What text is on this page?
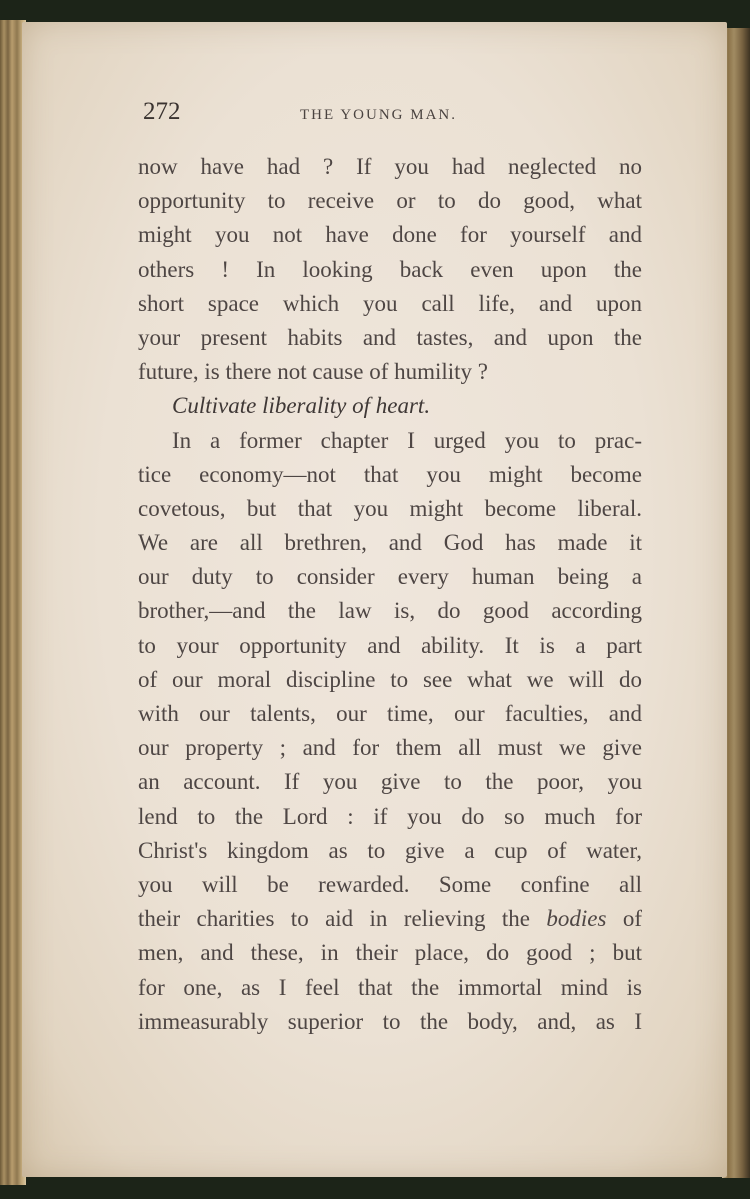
272	THE YOUNG MAN.
now have had ? If you had neglected no
opportunity to receive or to do good, what
might you not have done for yourself and
others ! In looking back even upon the
short space which you call life, and upon
your present habits and tastes, and upon the
future, is there not cause of humility ?
Cultivate liberality of heart.
In a former chapter I urged you to prac-
tice economy—not that you might become
covetous, but that you might become liberal.
We are all brethren, and God has made it
our duty to consider every human being a
brother,—and the law is, do good according
to your opportunity and ability. It is a part
of our moral discipline to see what we will do
with our talents, our time, our faculties, and
our property ; and for them all must we give
an account. If you give to the poor, you
lend to the Lord : if you do so much for
Christ's kingdom as to give a cup of water,
you will be rewarded. Some confine all
their charities to aid in relieving the bodies of
men, and these, in their place, do good ; but
for one, as I feel that the immortal mind is
immeasurably superior to the body, and, as I
